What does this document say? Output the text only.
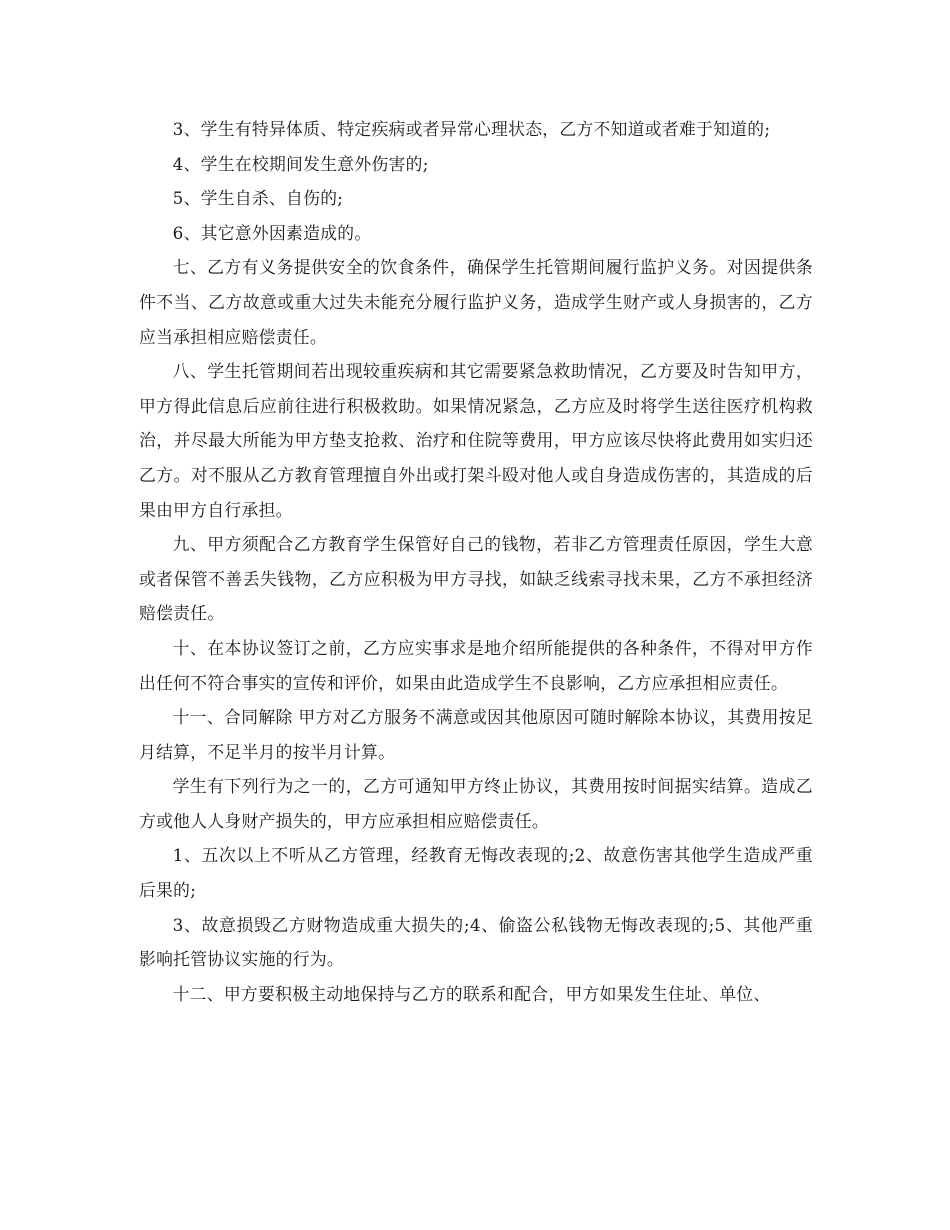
3、学生有特异体质、特定疾病或者异常心理状态，乙方不知道或者难于知道的;

4、学生在校期间发生意外伤害的;

5、学生自杀、自伤的;

6、其它意外因素造成的。

七、乙方有义务提供安全的饮食条件，确保学生托管期间履行监护义务。对因提供条件不当、乙方故意或重大过失未能充分履行监护义务，造成学生财产或人身损害的，乙方应当承担相应赔偿责任。

八、学生托管期间若出现较重疾病和其它需要紧急救助情况，乙方要及时告知甲方，甲方得此信息后应前往进行积极救助。如果情况紧急，乙方应及时将学生送往医疗机构救治，并尽最大所能为甲方垫支抢救、治疗和住院等费用，甲方应该尽快将此费用如实归还乙方。对不服从乙方教育管理擅自外出或打架斗殴对他人或自身造成伤害的，其造成的后果由甲方自行承担。

九、甲方须配合乙方教育学生保管好自己的钱物，若非乙方管理责任原因，学生大意或者保管不善丢失钱物，乙方应积极为甲方寻找，如缺乏线索寻找未果，乙方不承担经济赔偿责任。

十、在本协议签订之前，乙方应实事求是地介绍所能提供的各种条件，不得对甲方作出任何不符合事实的宣传和评价，如果由此造成学生不良影响，乙方应承担相应责任。

十一、合同解除 甲方对乙方服务不满意或因其他原因可随时解除本协议，其费用按足月结算，不足半月的按半月计算。

学生有下列行为之一的，乙方可通知甲方终止协议，其费用按时间据实结算。造成乙方或他人人身财产损失的，甲方应承担相应赔偿责任。

1、五次以上不听从乙方管理，经教育无悔改表现的;2、故意伤害其他学生造成严重后果的;

3、故意损毁乙方财物造成重大损失的;4、偷盗公私钱物无悔改表现的;5、其他严重影响托管协议实施的行为。

十二、甲方要积极主动地保持与乙方的联系和配合，甲方如果发生住址、单位、
